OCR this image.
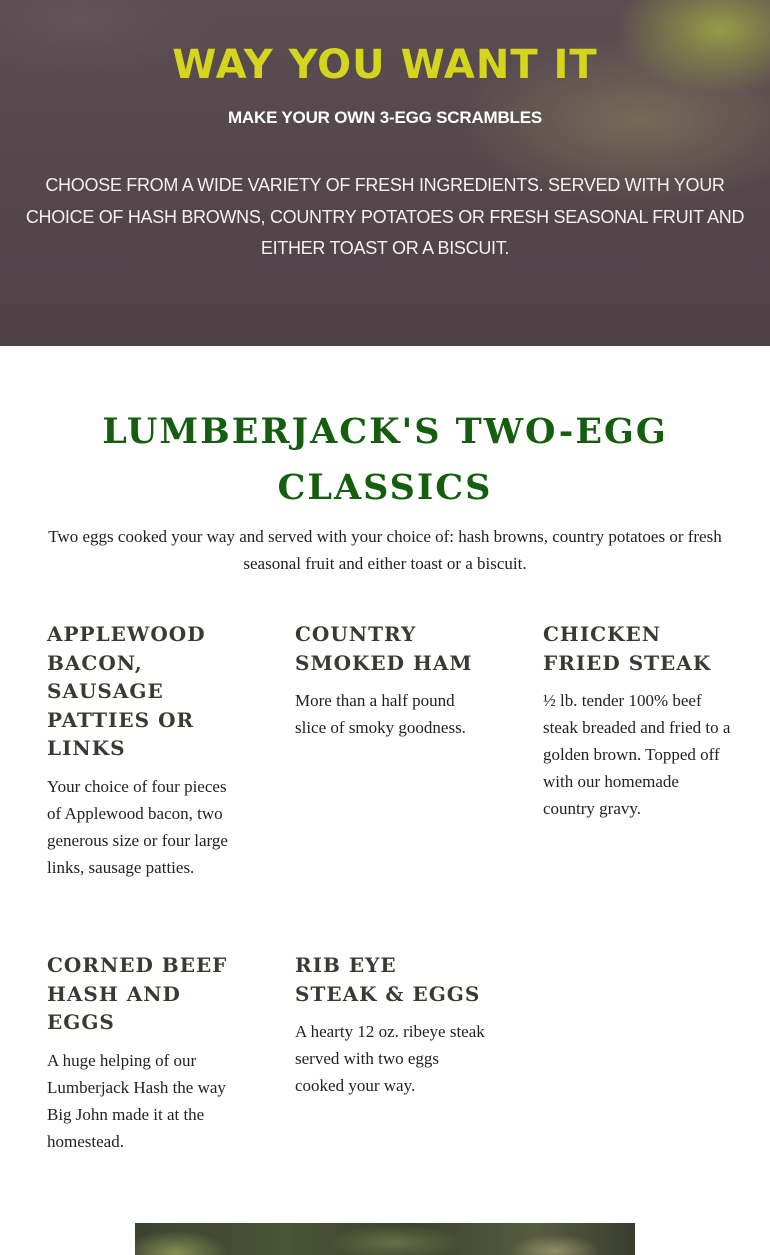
WAY YOU WANT IT
MAKE YOUR OWN 3-EGG SCRAMBLES

CHOOSE FROM A WIDE VARIETY OF FRESH INGREDIENTS. SERVED WITH YOUR CHOICE OF HASH BROWNS, COUNTRY POTATOES OR FRESH SEASONAL FRUIT AND EITHER TOAST OR A BISCUIT.

LUMBERJACK'S TWO-EGG CLASSICS

Two eggs cooked your way and served with your choice of: hash browns, country potatoes or fresh seasonal fruit and either toast or a biscuit.

APPLEWOOD BACON, SAUSAGE PATTIES OR LINKS

Your choice of four pieces of Applewood bacon, two generous size or four large links, sausage patties.

COUNTRY SMOKED HAM

More than a half pound slice of smoky goodness.

CHICKEN FRIED STEAK

½ lb. tender 100% beef steak breaded and fried to a golden brown. Topped off with our homemade country gravy.

CORNED BEEF HASH AND EGGS

A huge helping of our Lumberjack Hash the way Big John made it at the homestead.

RIB EYE STEAK & EGGS

A hearty 12 oz. ribeye steak served with two eggs cooked your way.
